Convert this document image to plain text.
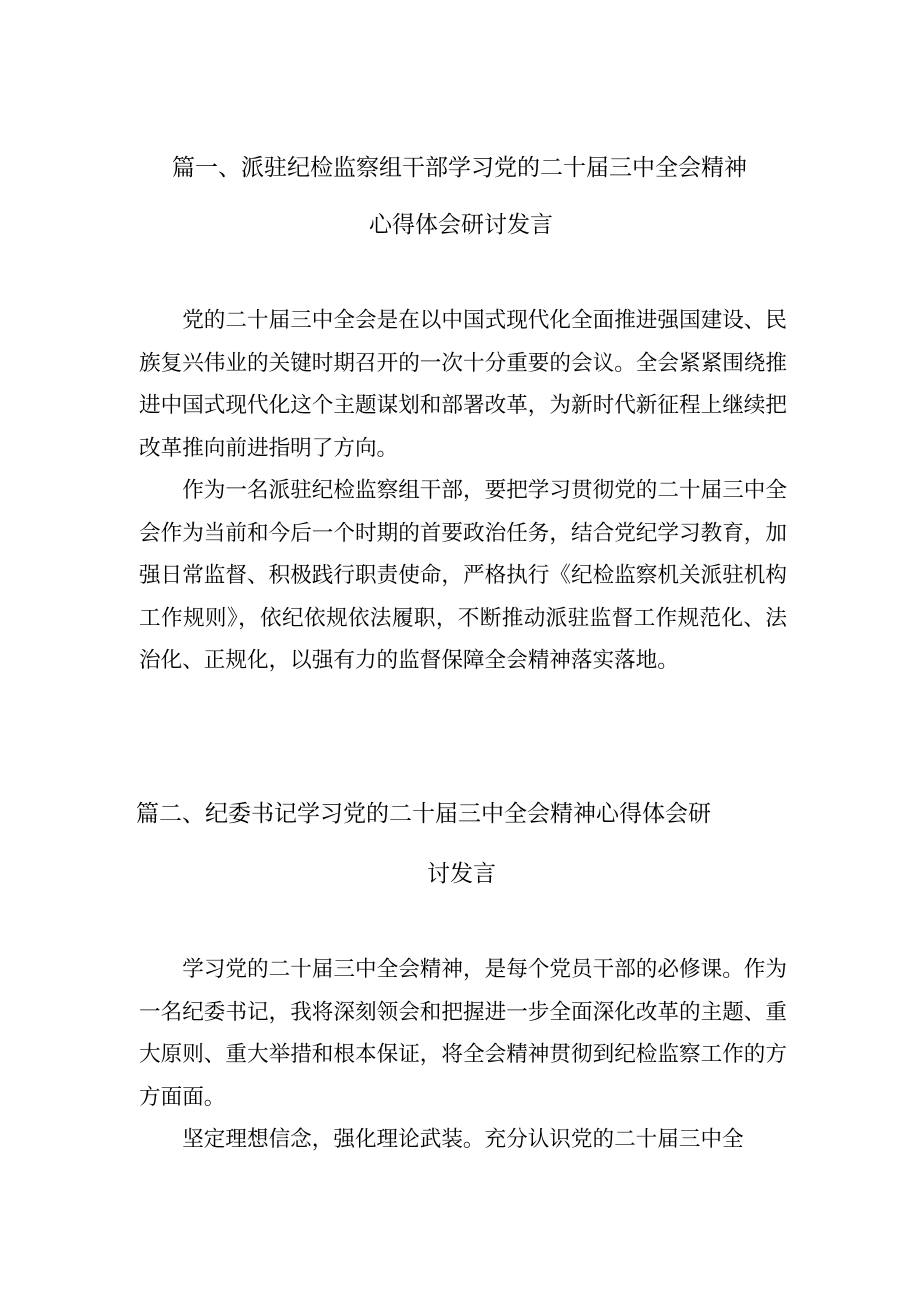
篇一、派驻纪检监察组干部学习党的二十届三中全会精神
心得体会研讨发言

党的二十届三中全会是在以中国式现代化全面推进强国建设、民族复兴伟业的关键时期召开的一次十分重要的会议。全会紧紧围绕推进中国式现代化这个主题谋划和部署改革，为新时代新征程上继续把改革推向前进指明了方向。

作为一名派驻纪检监察组干部，要把学习贯彻党的二十届三中全会作为当前和今后一个时期的首要政治任务，结合党纪学习教育，加强日常监督、积极践行职责使命，严格执行《纪检监察机关派驻机构工作规则》，依纪依规依法履职，不断推动派驻监督工作规范化、法治化、正规化，以强有力的监督保障全会精神落实落地。

篇二、纪委书记学习党的二十届三中全会精神心得体会研
讨发言

学习党的二十届三中全会精神，是每个党员干部的必修课。作为一名纪委书记，我将深刻领会和把握进一步全面深化改革的主题、重大原则、重大举措和根本保证，将全会精神贯彻到纪检监察工作的方方面面。

坚定理想信念，强化理论武装。充分认识党的二十届三中全
